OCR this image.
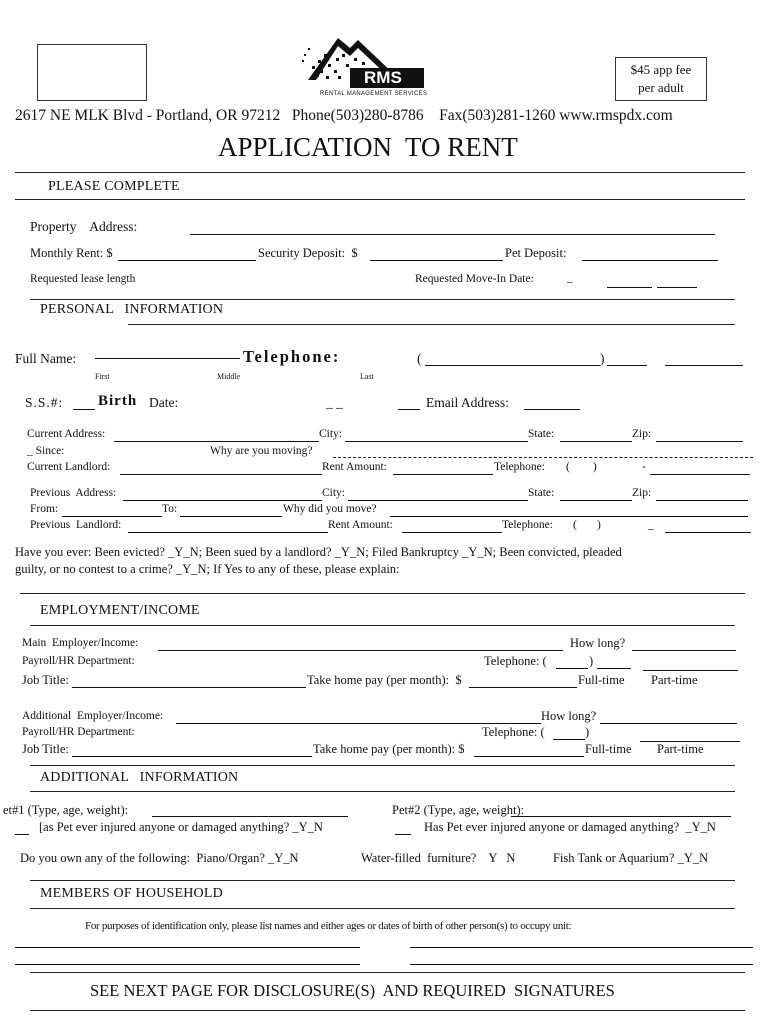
RMS
RENTAL MANAGEMENT SERVICES
$45 app fee
per adult
2617 NE MLK Blvd - Portland, OR 97212   Phone(503)280-8786    Fax(503)281-1260 www.rmspdx.com
APPLICATION  TO RENT
PLEASE COMPLETE
Property    Address:
Monthly Rent: $	Security Deposit:  $	Pet Deposit:
Requested lease length	Requested Move-In Date:	_
PERSONAL   INFORMATION
Full Name:	Telephone:	(	)
First	Middle	Last
S.S.#: Birth Date:	_ _	Email Address:
Current Address:	City:	State:	Zip:
_ Since:	Why are you moving?
Current Landlord:	Rent Amount:	Telephone: (        )	-
Previous  Address:	City:	State:	Zip:
From:	To:	Why did you move?
Previous  Landlord:	Rent Amount:	Telephone: (       )	_
Have you ever: Been evicted? _Y_N; Been sued by a landlord? _Y_N; Filed Bankruptcy _Y_N; Been convicted, pleaded
guilty, or no contest to a crime? _Y_N; If Yes to any of these, please explain:
EMPLOYMENT/INCOME
Main  Employer/Income:	How long?
Payroll/HR Department:	Telephone: (	)
Job Title:	Take home pay (per month):  $	Full-time Part-time
Additional  Employer/Income:	How long?
Payroll/HR Department:	Telephone: (	)
Job Title:	Take home pay (per month): $	Full-time Part-time
ADDITIONAL   INFORMATION
et#1 (Type, age, weight):	Pet#2 (Type, age, weight):
[as Pet ever injured anyone or damaged anything? _Y_N	Has Pet ever injured anyone or damaged anything?  _Y_N
Do you own any of the following:  Piano/Organ? _Y_N	Water-filled  furniture?    Y   N	Fish Tank or Aquarium? _Y_N
MEMBERS OF HOUSEHOLD
For purposes of identification only, please list names and either ages or dates of birth of other person(s) to occupy unit:
SEE NEXT PAGE FOR DISCLOSURE(S)  AND REQUIRED  SIGNATURES
